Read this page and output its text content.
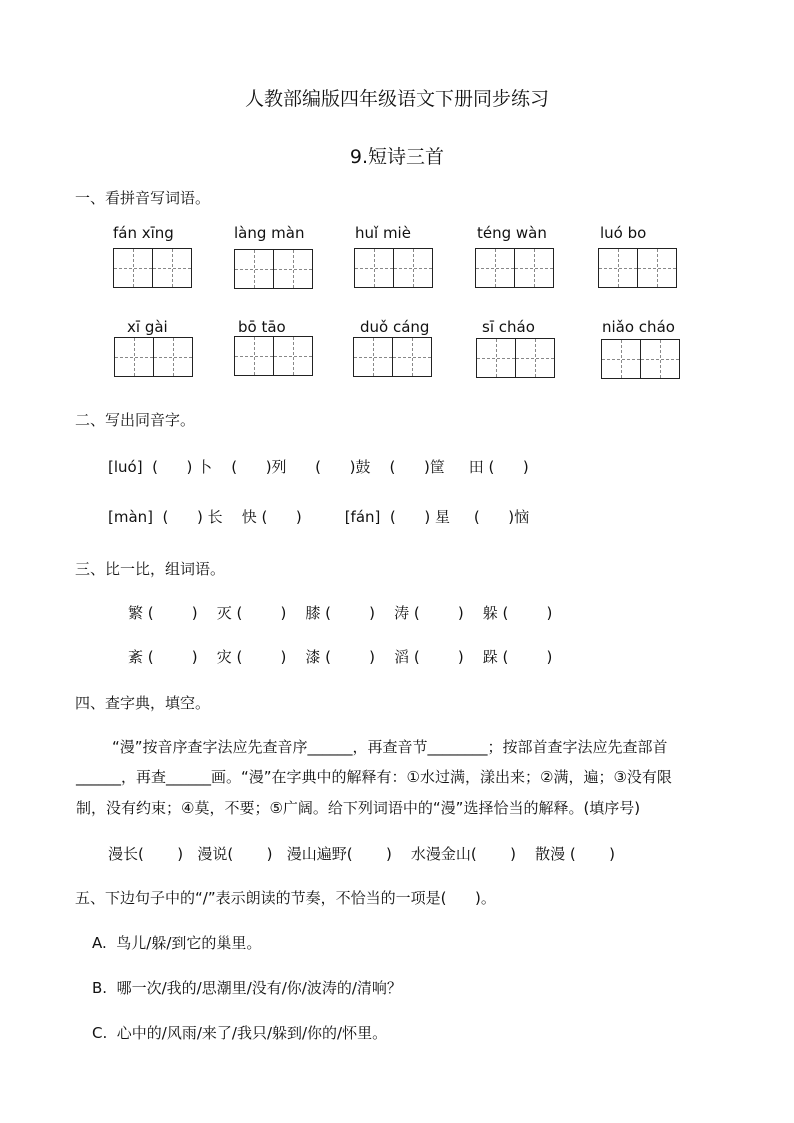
人教部编版四年级语文下册同步练习
9.短诗三首
一、看拼音写词语。
fán xīng	làng màn	huǐ miè	téng wàn	luó bo
xī gài	bō tāo	duǒ cáng	sī cháo	niǎo cháo
二、写出同音字。
[luó]  (      ) 卜    (      )列      (      )鼓    (      )筐     田 (      )
[màn]  (      ) 长    快 (      )         [fán]  (      ) 星     (      )恼
三、比一比，组词语。
繁 (        )    灭 (        )    膝 (        )    涛 (        )    躲 (        )
紊 (        )    灾 (        )    漆 (        )    滔 (        )    跺 (        )
四、查字典，填空。
“漫”按音序查字法应先查音序______，再查音节________；按部首查字法应先查部首
______，再查______画。“漫”在字典中的解释有：①水过满，漾出来；②满，遍；③没有限
制，没有约束；④莫，不要；⑤广阔。给下列词语中的“漫”选择恰当的解释。(填序号)
漫长(       )   漫说(       )   漫山遍野(       )    水漫金山(       )    散漫 (       )
五、下边句子中的“/”表示朗读的节奏，不恰当的一项是(      )。
A.  鸟儿/躲/到它的巢里。
B.  哪一次/我的/思潮里/没有/你/波涛的/清响？
C.  心中的/风雨/来了/我只/躲到/你的/怀里。
